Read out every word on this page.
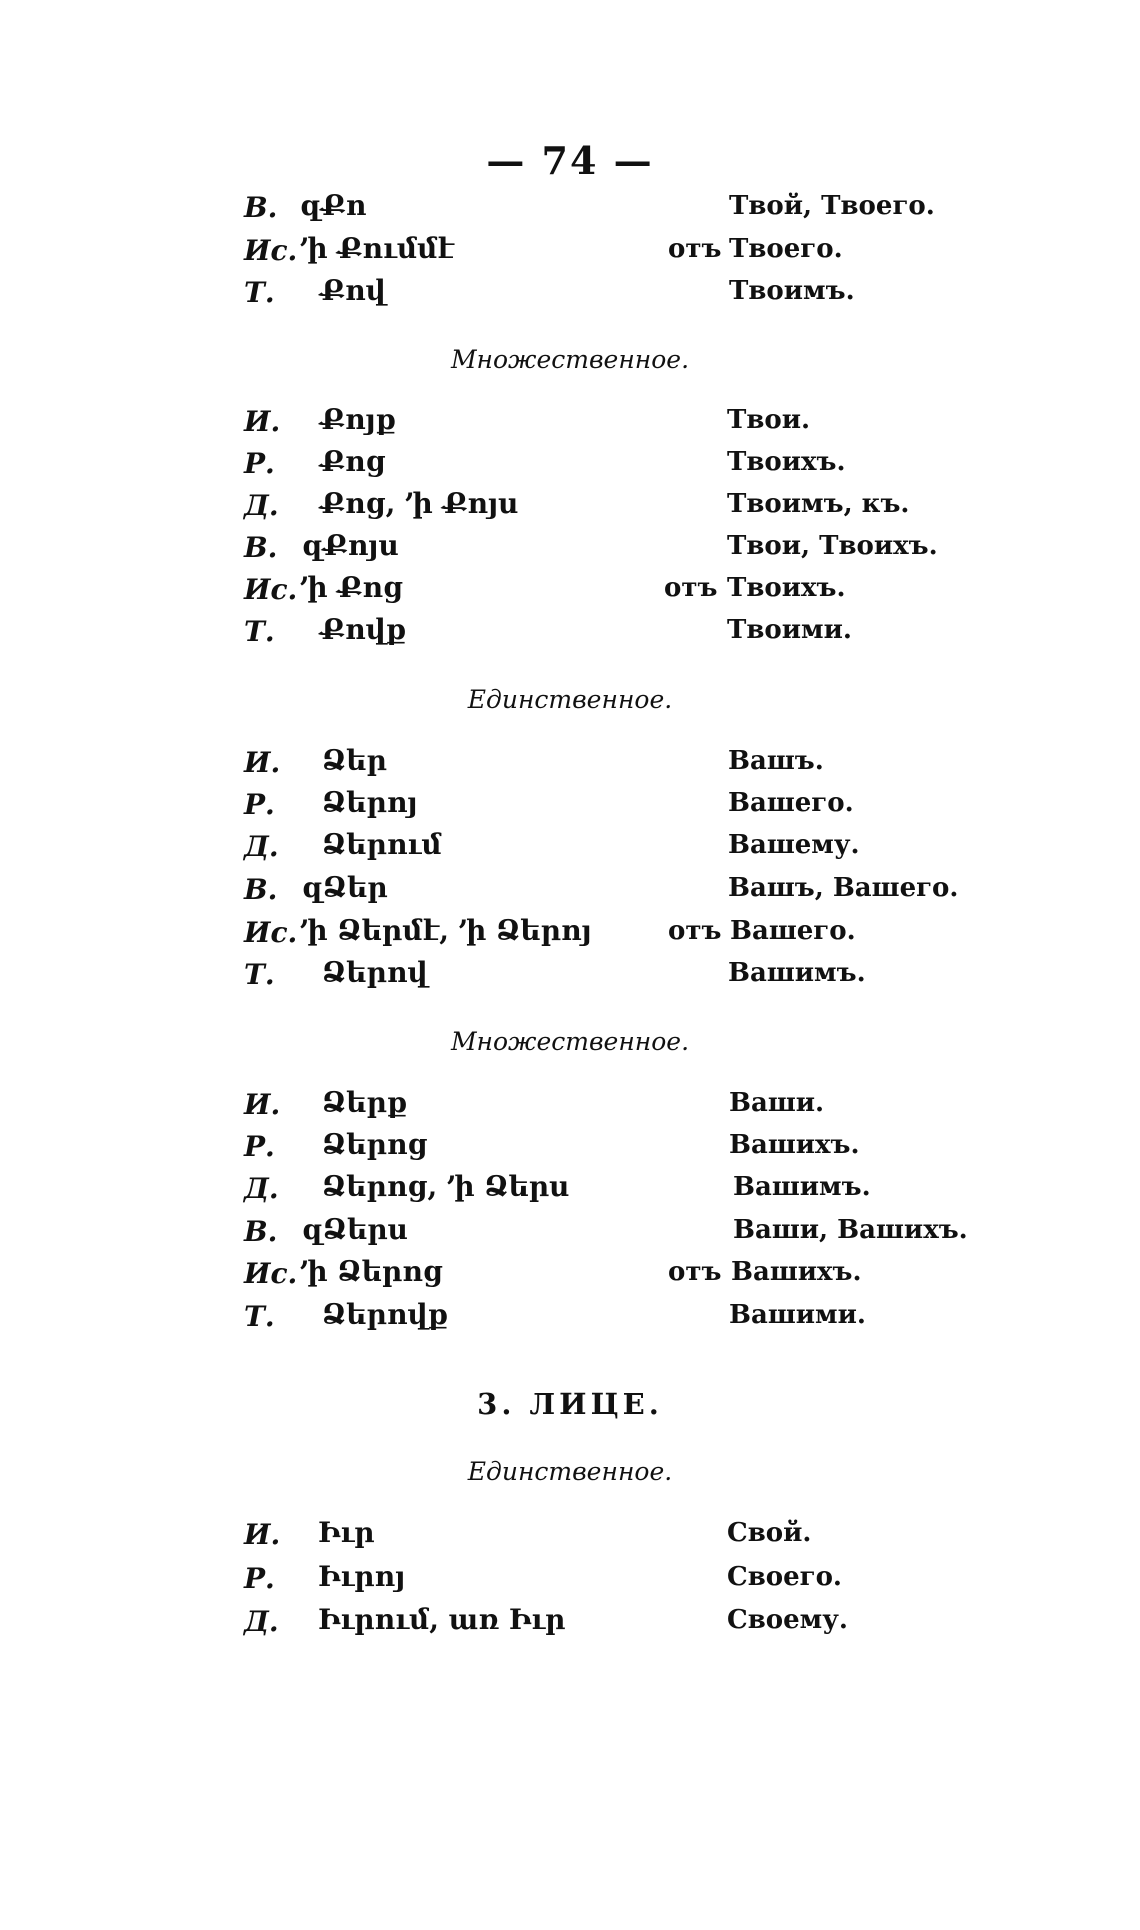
— 74 —
В. զՔո	Твой, Твоего.
Ис. ՚ի Քումմէ	отъ Твоего.
Т. Քով	Твоимъ.
Множественное.
И. Քոյք	Твои.
Р. Քոց	Твоихъ.
Д. Քոց, ՚ի Քոյս	Твоимъ, къ.
В. զՔոյս	Твои, Твоихъ.
Ис. ՚ի Քոց	отъ Твоихъ.
Т. Քովք	Твоими.
Единственное.
И. Ձեր	Вашъ.
Р. Ձերոյ	Вашего.
Д. Ձերում	Вашему.
В. զՁեր	Вашъ, Вашего.
Ис. ՚ի Ձերմէ, ՚ի Ձերոյ	отъ Вашего.
Т. Ձերով	Вашимъ.
Множественное.
И. Ձերք	Ваши.
Р. Ձերոց	Вашихъ.
Д. Ձերոց, ՚ի Ձերս	Вашимъ.
В. զՁերս	Ваши, Вашихъ.
Ис. ՚ի Ձերոց	отъ Вашихъ.
Т. Ձերովք	Вашими.
3. ЛИЦЕ.
Единственное.
И. Իւր	Свой.
Р. Իւրոյ	Своего.
Д. Իւրում, առ Իւր	Своему.
